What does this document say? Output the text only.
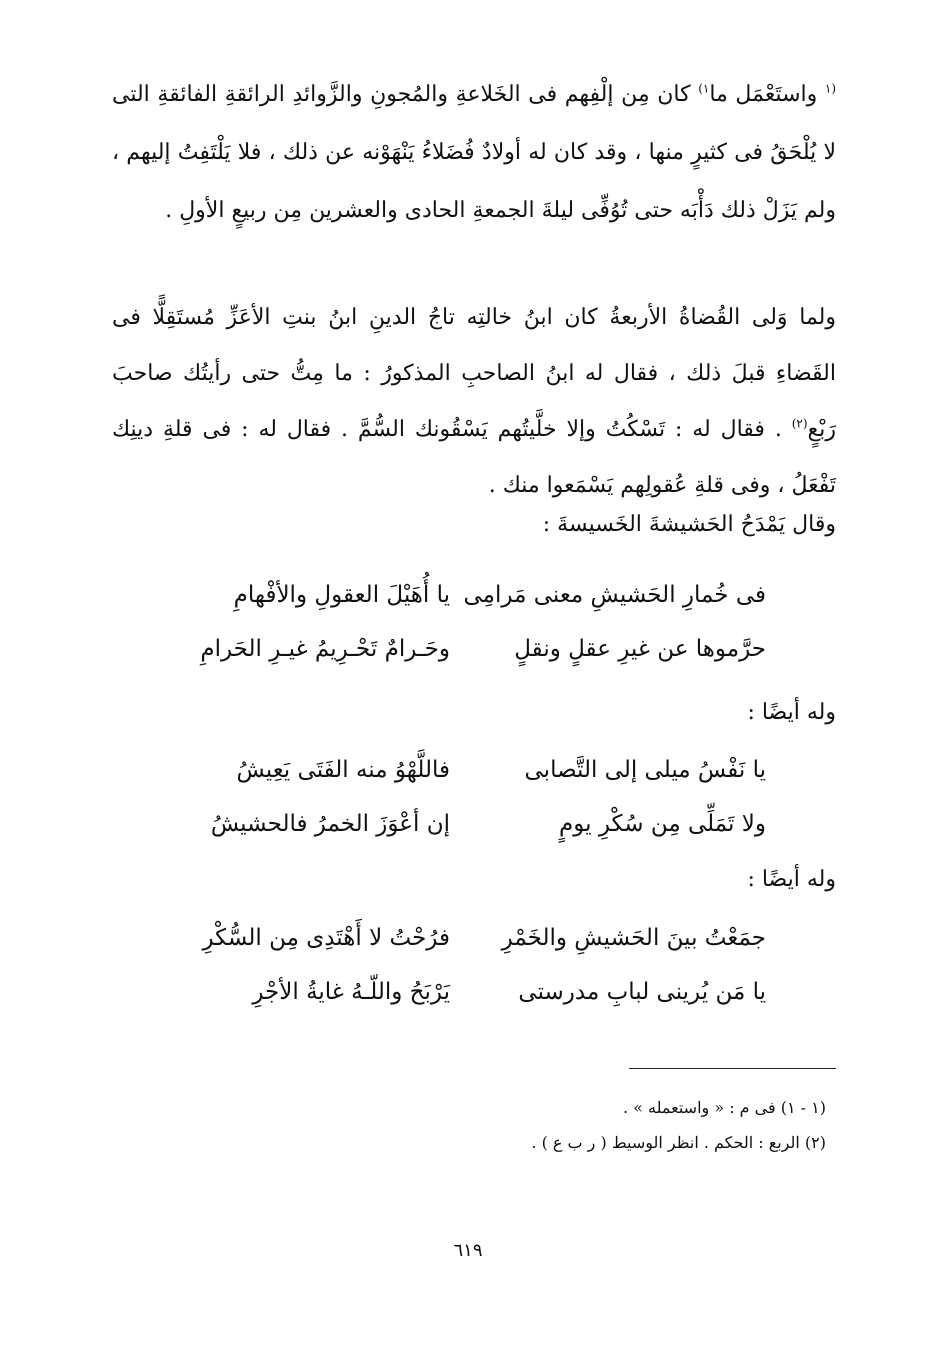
$^{(١}$ واستَعْمَل ما$^{١)}$ كان مِن إلْفِهم فى الخَلاعةِ والمُجونِ والزَّوائدِ الرائقةِ الفائقةِ التى لا يُلْحَقُ فى كثيرٍ منها ، وقد كان له أولادٌ فُضَلاءُ يَنْهَوْنه عن ذلك ، فلا يَلْتَفِتُ إليهم ، ولم يَزَلْ ذلك دَأْبَه حتى تُوُفِّى ليلةَ الجمعةِ الحادى والعشرين مِن ربيعٍ الأولِ .

ولما وَلى القُضاةُ الأربعةُ كان ابنُ خالتِه تاجُ الدينِ ابنُ بنتِ الأعَزِّ مُستَقِلًّا فى القَضاءِ قبلَ ذلك ، فقال له ابنُ الصاحبِ المذكورُ : ما مِتُّ حتى رأيتُك صاحبَ رَبْعٍ$^{(٢)}$ . فقال له : تَسْكُتُ وإلا خلَّيتُهم يَسْقُونك السُّمَّ . فقال له : فى قلةِ دينِك تَفْعَلُ ، وفى قلةِ عُقولِهم يَسْمَعوا منك .

وقال يَمْدَحُ الحَشيشةَ الخَسيسةَ :
فى خُمارِ الحَشيشِ معنى مَرامِى
يا أُهَيْلَ العقولِ والأفْهامِ
حرَّموها عن غيرِ عقلٍ ونقلٍ
وحَـرامٌ تَحْـرِيمُ غيـرِ الحَرامِ
وله أيضًا :
يا نَفْسُ ميلى إلى التَّصابى
فاللَّهْوُ منه الفَتَى يَعِيشُ
ولا تَمَلِّى مِن سُكْرِ يومٍ
إن أعْوَزَ الخمرُ فالحشيشُ
وله أيضًا :
جمَعْتُ بينَ الحَشيشِ والخَمْرِ
فرُحْتُ لا أَهْتَدِى مِن السُّكْرِ
يا مَن يُرينى لبابِ مدرستى
يَرْبَحُ واللّـهُ غايةُ الأجْرِ
(١ - ١) فى م : « واستعمله » .
(٢) الربع : الحكم . انظر الوسيط ( ر ب ع ) .
٦١٩
